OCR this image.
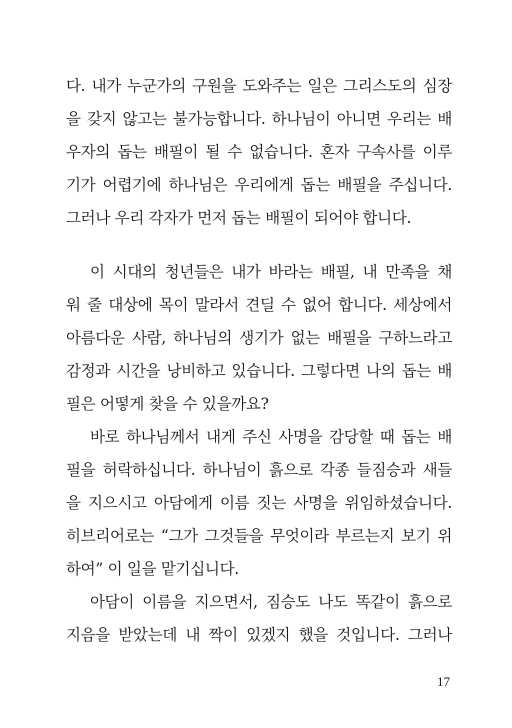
다. 내가 누군가의 구원을 도와주는 일은 그리스도의 심장
을 갖지 않고는 불가능합니다. 하나님이 아니면 우리는 배
우자의 돕는 배필이 될 수 없습니다. 혼자 구속사를 이루
기가 어렵기에 하나님은 우리에게 돕는 배필을 주십니다.
그러나 우리 각자가 먼저 돕는 배필이 되어야 합니다.
이 시대의 청년들은 내가 바라는 배필, 내 만족을 채
워 줄 대상에 목이 말라서 견딜 수 없어 합니다. 세상에서
아름다운 사람, 하나님의 생기가 없는 배필을 구하느라고
감정과 시간을 낭비하고 있습니다. 그렇다면 나의 돕는 배
필은 어떻게 찾을 수 있을까요?
바로 하나님께서 내게 주신 사명을 감당할 때 돕는 배
필을 허락하십니다. 하나님이 흙으로 각종 들짐승과 새들
을 지으시고 아담에게 이름 짓는 사명을 위임하셨습니다.
히브리어로는 “그가 그것들을 무엇이라 부르는지 보기 위
하여” 이 일을 맡기십니다.
아담이 이름을 지으면서, 짐승도 나도 똑같이 흙으로
지음을 받았는데 내 짝이 있겠지 했을 것입니다. 그러나
17
